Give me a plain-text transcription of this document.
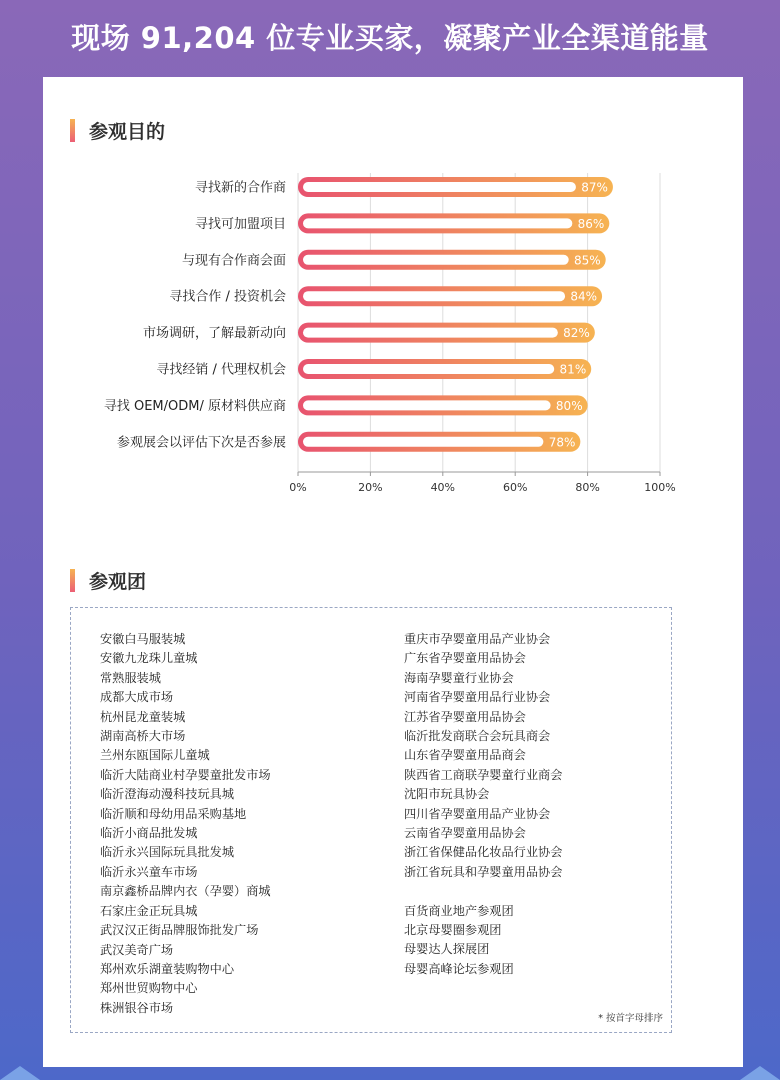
现场 91,204 位专业买家，凝聚产业全渠道能量
参观目的
寻找新的合作商	87%
寻找可加盟项目	86%
与现有合作商会面	85%
寻找合作 / 投资机会	84%
市场调研，了解最新动向	82%
寻找经销 / 代理权机会	81%
寻找 OEM/ODM/ 原材料供应商	80%
参观展会以评估下次是否参展	78%
0%	20%	40%	60%	80%	100%
参观团
安徽白马服装城
安徽九龙珠儿童城
常熟服装城
成都大成市场
杭州昆龙童装城
湖南高桥大市场
兰州东瓯国际儿童城
临沂大陆商业村孕婴童批发市场
临沂澄海动漫科技玩具城
临沂顺和母幼用品采购基地
临沂小商品批发城
临沂永兴国际玩具批发城
临沂永兴童车市场
南京鑫桥品牌内衣（孕婴）商城
石家庄金正玩具城
武汉汉正街品牌服饰批发广场
武汉美奇广场
郑州欢乐湖童装购物中心
郑州世贸购物中心
株洲银谷市场
重庆市孕婴童用品产业协会
广东省孕婴童用品协会
海南孕婴童行业协会
河南省孕婴童用品行业协会
江苏省孕婴童用品协会
临沂批发商联合会玩具商会
山东省孕婴童用品商会
陕西省工商联孕婴童行业商会
沈阳市玩具协会
四川省孕婴童用品产业协会
云南省孕婴童用品协会
浙江省保健品化妆品行业协会
浙江省玩具和孕婴童用品协会
百货商业地产参观团
北京母婴圈参观团
母婴达人探展团
母婴高峰论坛参观团
* 按首字母排序
